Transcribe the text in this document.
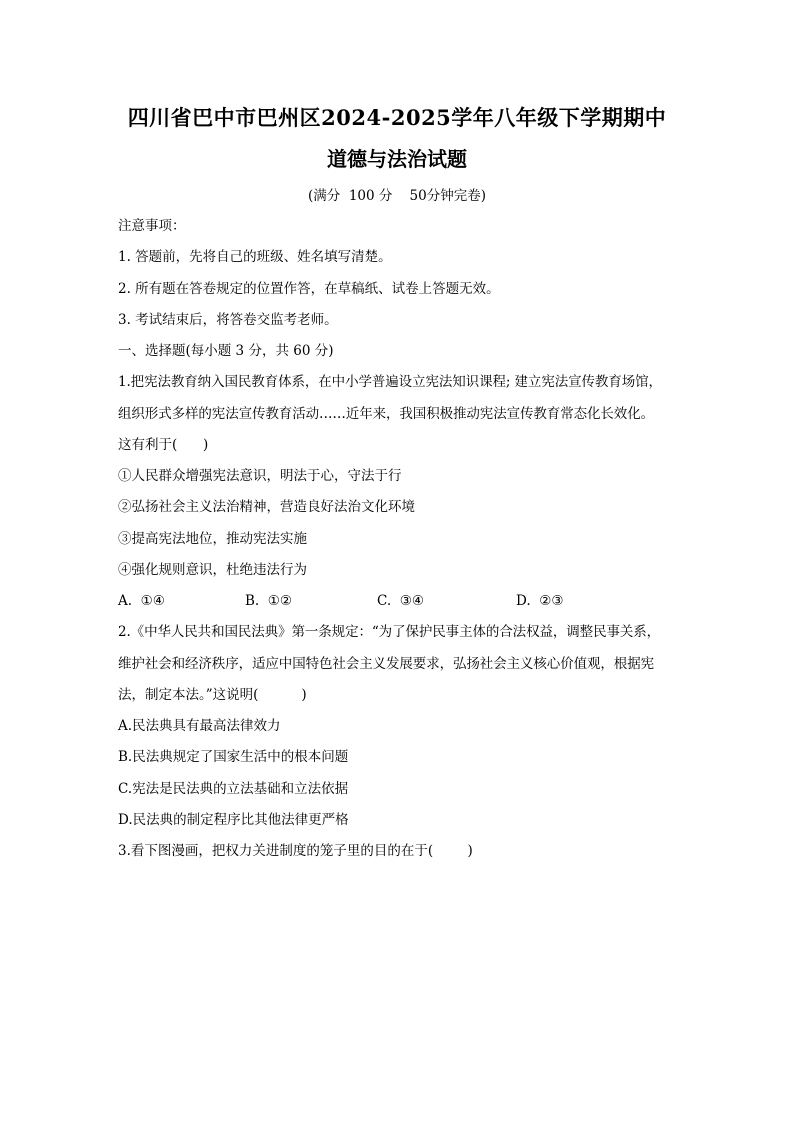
四川省巴中市巴州区2024-2025学年八年级下学期期中
道德与法治试题
(满分  100 分    50分钟完卷)
注意事项：
1. 答题前，先将自己的班级、姓名填写清楚。
2. 所有题在答卷规定的位置作答，在草稿纸、试卷上答题无效。
3. 考试结束后，将答卷交监考老师。
一、选择题(每小题 3 分，共 60 分)
1.把宪法教育纳入国民教育体系，在中小学普遍设立宪法知识课程; 建立宪法宣传教育场馆，
组织形式多样的宪法宣传教育活动……近年来，我国积极推动宪法宣传教育常态化长效化。
这有利于(      )
①人民群众增强宪法意识，明法于心，守法于行
②弘扬社会主义法治精神，营造良好法治文化环境
③提高宪法地位，推动宪法实施
④强化规则意识，杜绝违法行为
A.  ①④	B.  ①②	C.  ③④	D.  ②③
2.《中华人民共和国民法典》第一条规定：“为了保护民事主体的合法权益，调整民事关系，
维护社会和经济秩序，适应中国特色社会主义发展要求，弘扬社会主义核心价值观，根据宪
法，制定本法。”这说明(          )
A.民法典具有最高法律效力
B.民法典规定了国家生活中的根本问题
C.宪法是民法典的立法基础和立法依据
D.民法典的制定程序比其他法律更严格
3.看下图漫画，把权力关进制度的笼子里的目的在于(        )
